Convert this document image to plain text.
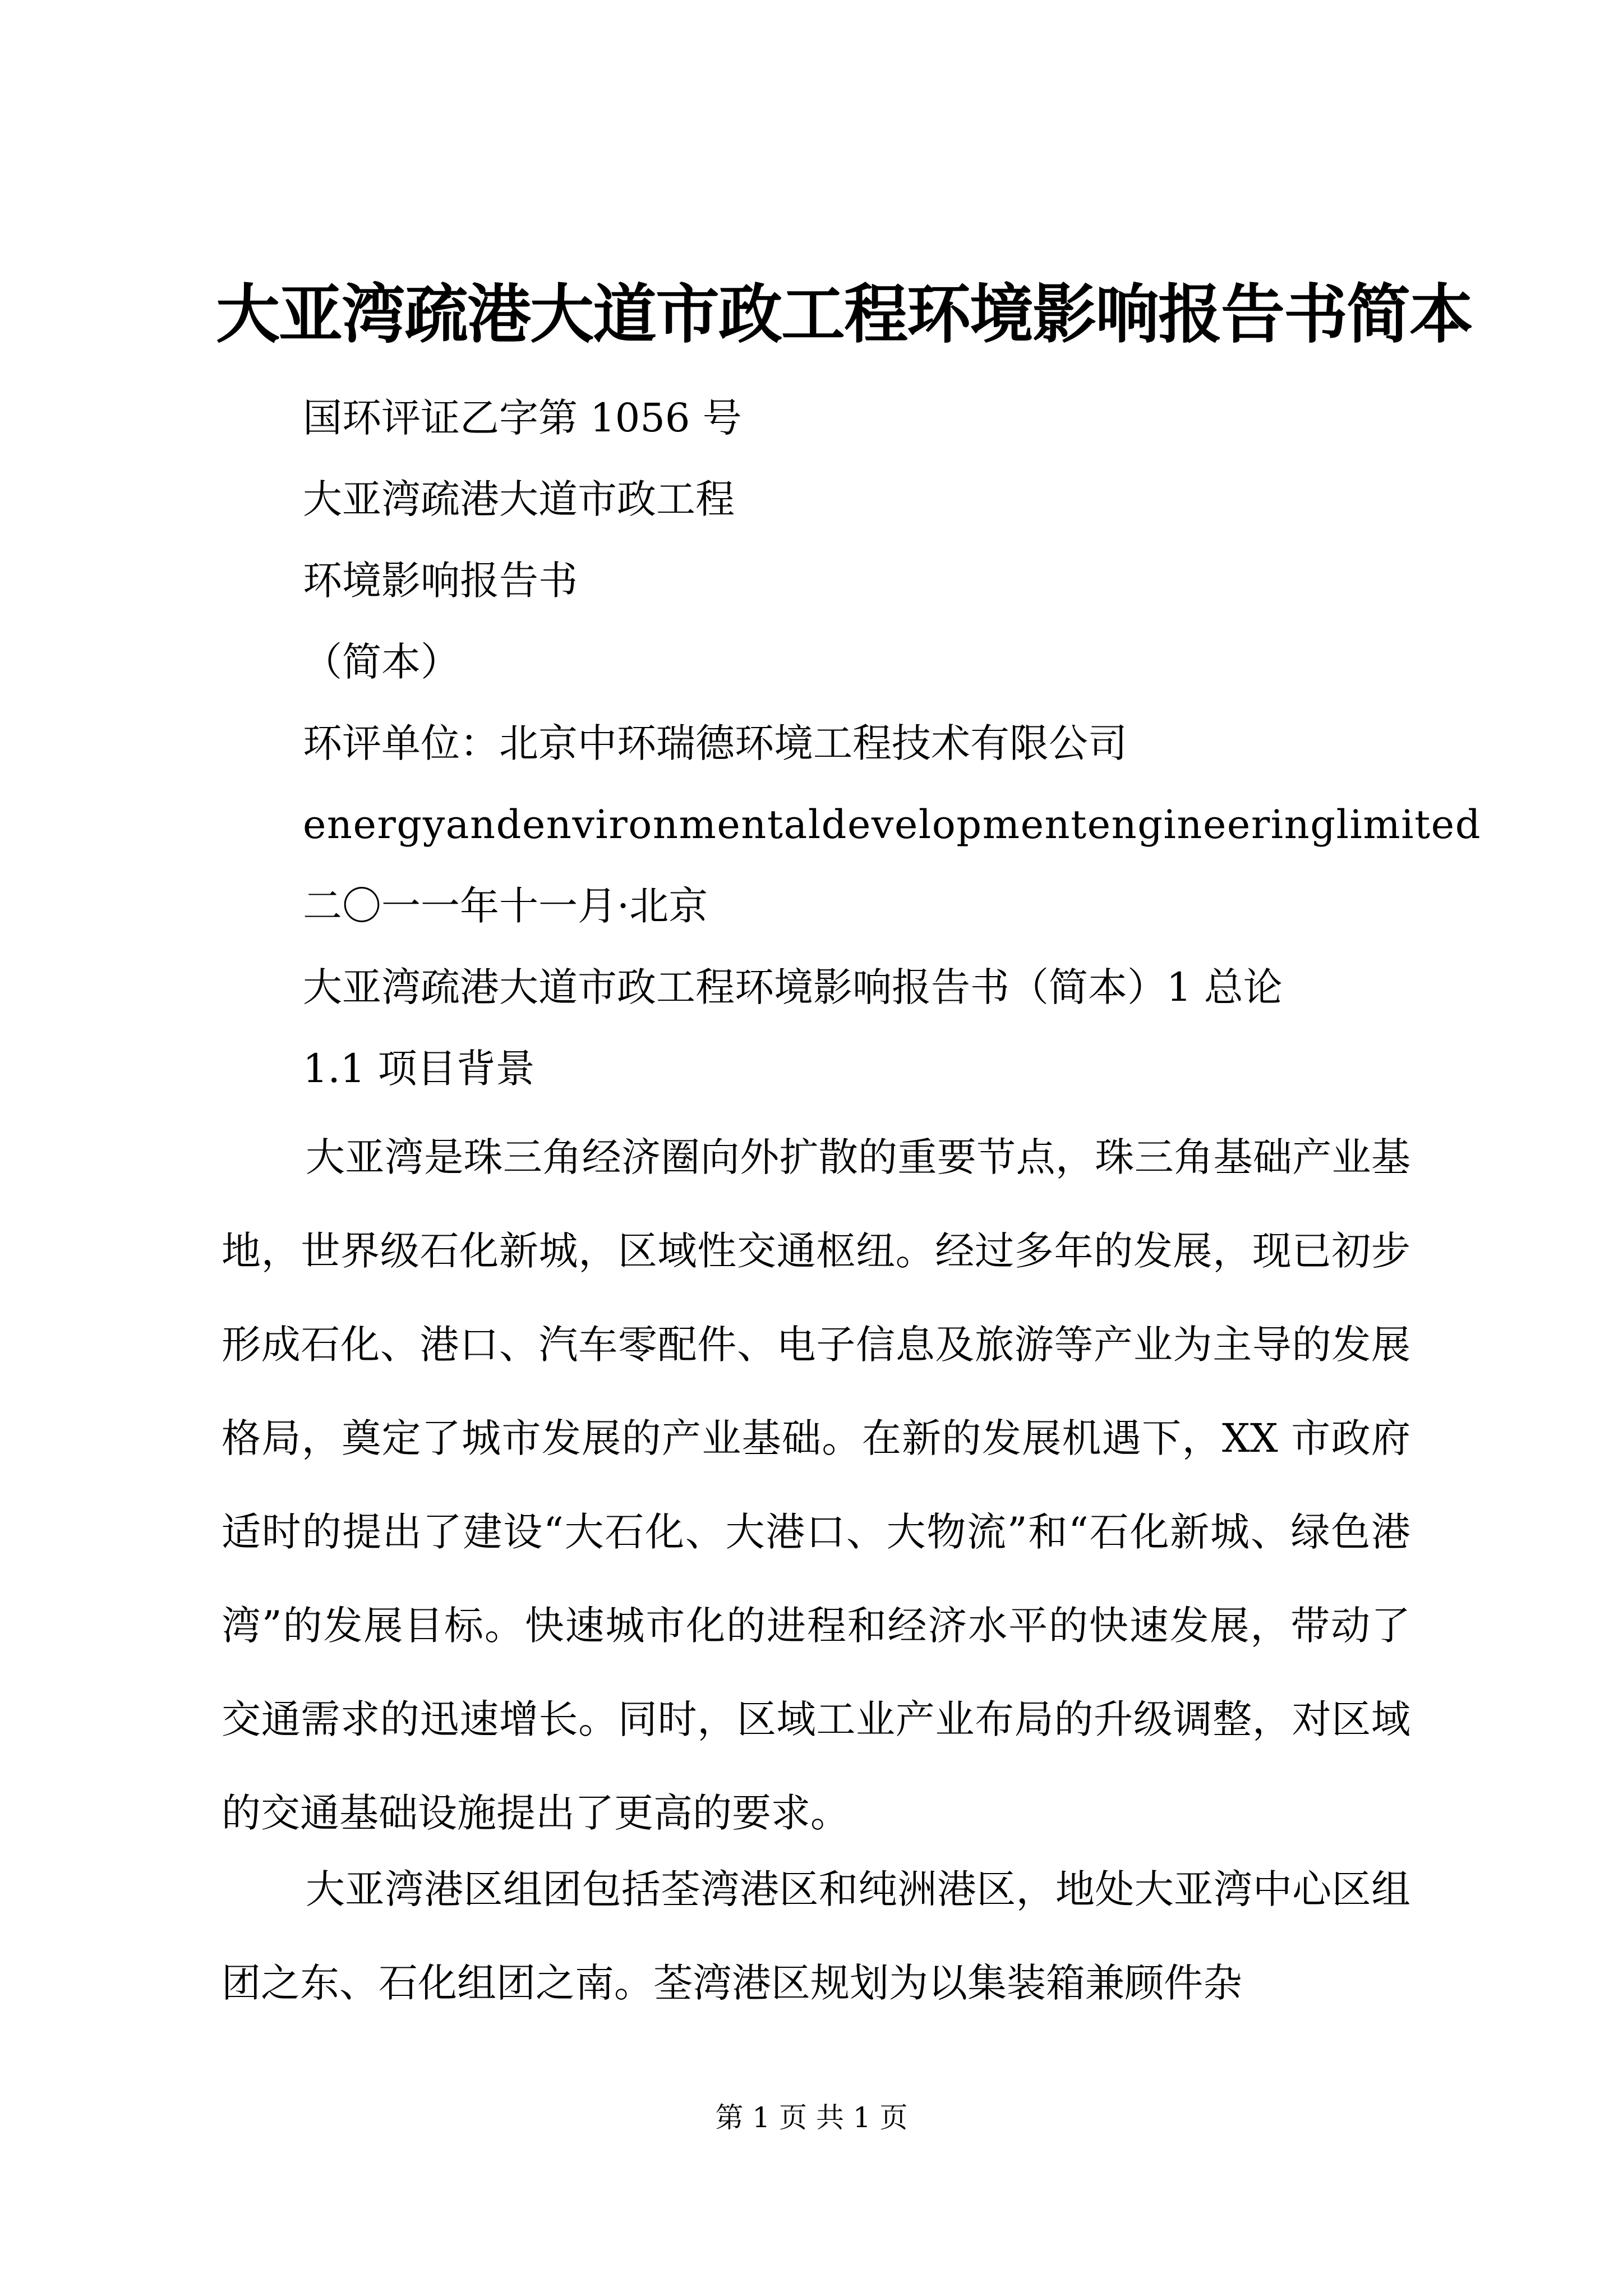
大亚湾疏港大道市政工程环境影响报告书简本
国环评证乙字第 1056 号
大亚湾疏港大道市政工程
环境影响报告书
（简本）
环评单位：北京中环瑞德环境工程技术有限公司
energyandenvironmentaldevelopmentengineeringlimited
二〇一一年十一月·北京
大亚湾疏港大道市政工程环境影响报告书（简本）1 总论
1.1 项目背景

大亚湾是珠三角经济圈向外扩散的重要节点，珠三角基础产业基地，世界级石化新城，区域性交通枢纽。经过多年的发展，现已初步形成石化、港口、汽车零配件、电子信息及旅游等产业为主导的发展格局，奠定了城市发展的产业基础。在新的发展机遇下，XX 市政府适时的提出了建设“大石化、大港口、大物流”和“石化新城、绿色港湾”的发展目标。快速城市化的进程和经济水平的快速发展，带动了交通需求的迅速增长。同时，区域工业产业布局的升级调整，对区域的交通基础设施提出了更高的要求。

大亚湾港区组团包括荃湾港区和纯洲港区，地处大亚湾中心区组团之东、石化组团之南。荃湾港区规划为以集装箱兼顾件杂

第 1 页 共 1 页
